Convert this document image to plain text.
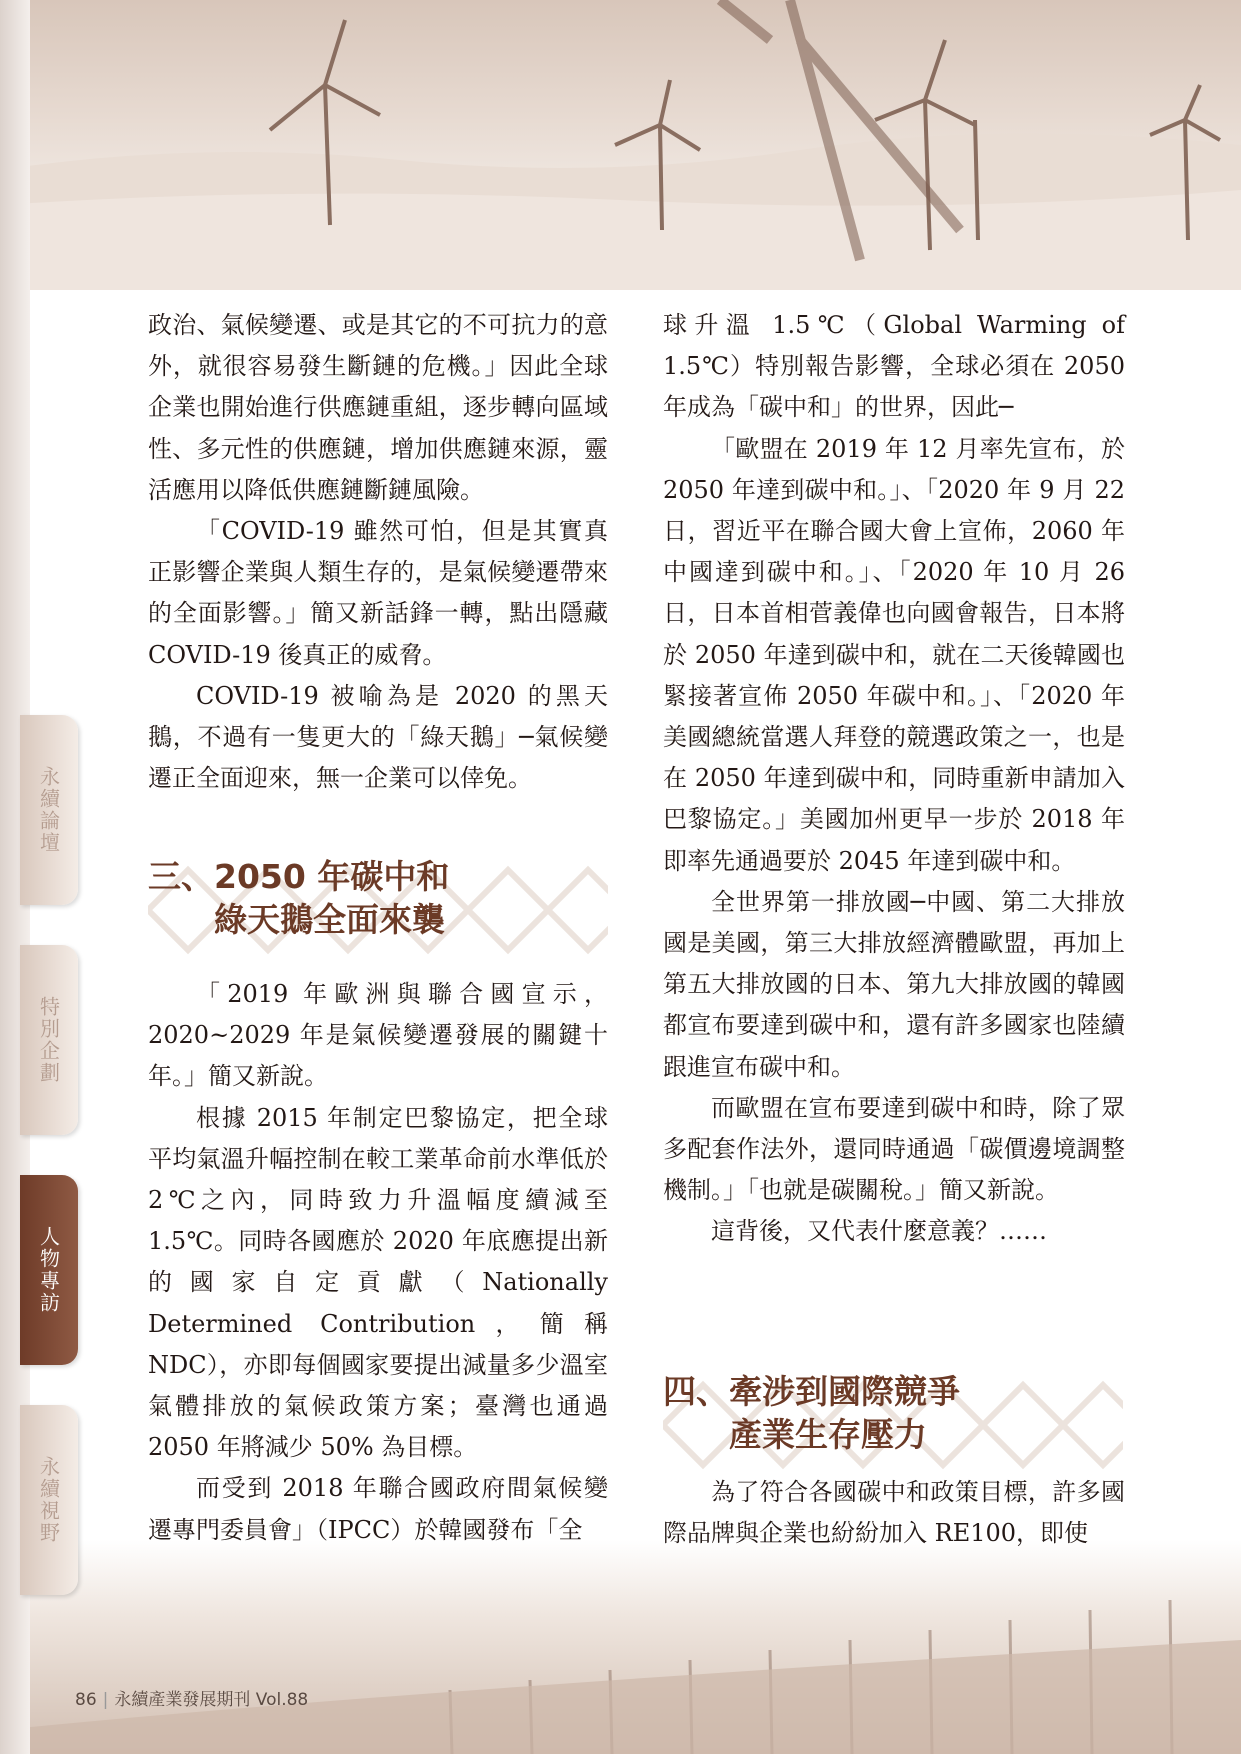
永續論壇
特別企劃
人物專訪
永續視野

政治、氣候變遷、或是其它的不可抗力的意外，就很容易發生斷鏈的危機。」因此全球企業也開始進行供應鏈重組，逐步轉向區域性、多元性的供應鏈，增加供應鏈來源，靈活應用以降低供應鏈斷鏈風險。

「COVID-19 雖然可怕，但是其實真正影響企業與人類生存的，是氣候變遷帶來的全面影響。」簡又新話鋒一轉，點出隱藏 COVID-19 後真正的威脅。

COVID-19 被喻為是 2020 的黑天鵝，不過有一隻更大的「綠天鵝」─氣候變遷正全面迎來，無一企業可以倖免。

三、2050 年碳中和
綠天鵝全面來襲

「2019 年歐洲與聯合國宣示，2020~2029 年是氣候變遷發展的關鍵十年。」簡又新說。

根據 2015 年制定巴黎協定，把全球平均氣溫升幅控制在較工業革命前水準低於 2℃之內，同時致力升溫幅度續減至 1.5℃。同時各國應於 2020 年底應提出新的國家自定貢獻（Nationally Determined Contribution，簡稱 NDC），亦即每個國家要提出減量多少溫室氣體排放的氣候政策方案；臺灣也通過 2050 年將減少 50% 為目標。

而受到 2018 年聯合國政府間氣候變遷專門委員會」（IPCC）於韓國發布「全

球升溫 1.5℃（Global Warming of 1.5℃）特別報告影響，全球必須在 2050 年成為「碳中和」的世界，因此─

「歐盟在 2019 年 12 月率先宣布，於 2050 年達到碳中和。」、「2020 年 9 月 22 日，習近平在聯合國大會上宣佈，2060 年中國達到碳中和。」、「2020 年 10 月 26 日，日本首相菅義偉也向國會報告，日本將於 2050 年達到碳中和，就在二天後韓國也緊接著宣佈 2050 年碳中和。」、「2020 年美國總統當選人拜登的競選政策之一，也是在 2050 年達到碳中和，同時重新申請加入巴黎協定。」美國加州更早一步於 2018 年即率先通過要於 2045 年達到碳中和。

全世界第一排放國─中國、第二大排放國是美國，第三大排放經濟體歐盟，再加上第五大排放國的日本、第九大排放國的韓國都宣布要達到碳中和，還有許多國家也陸續跟進宣布碳中和。

而歐盟在宣布要達到碳中和時，除了眾多配套作法外，還同時通過「碳價邊境調整機制。」「也就是碳關稅。」簡又新說。

這背後，又代表什麼意義？……

四、牽涉到國際競爭
產業生存壓力

為了符合各國碳中和政策目標，許多國際品牌與企業也紛紛加入 RE100，即使

86 | 永續產業發展期刊 Vol.88
